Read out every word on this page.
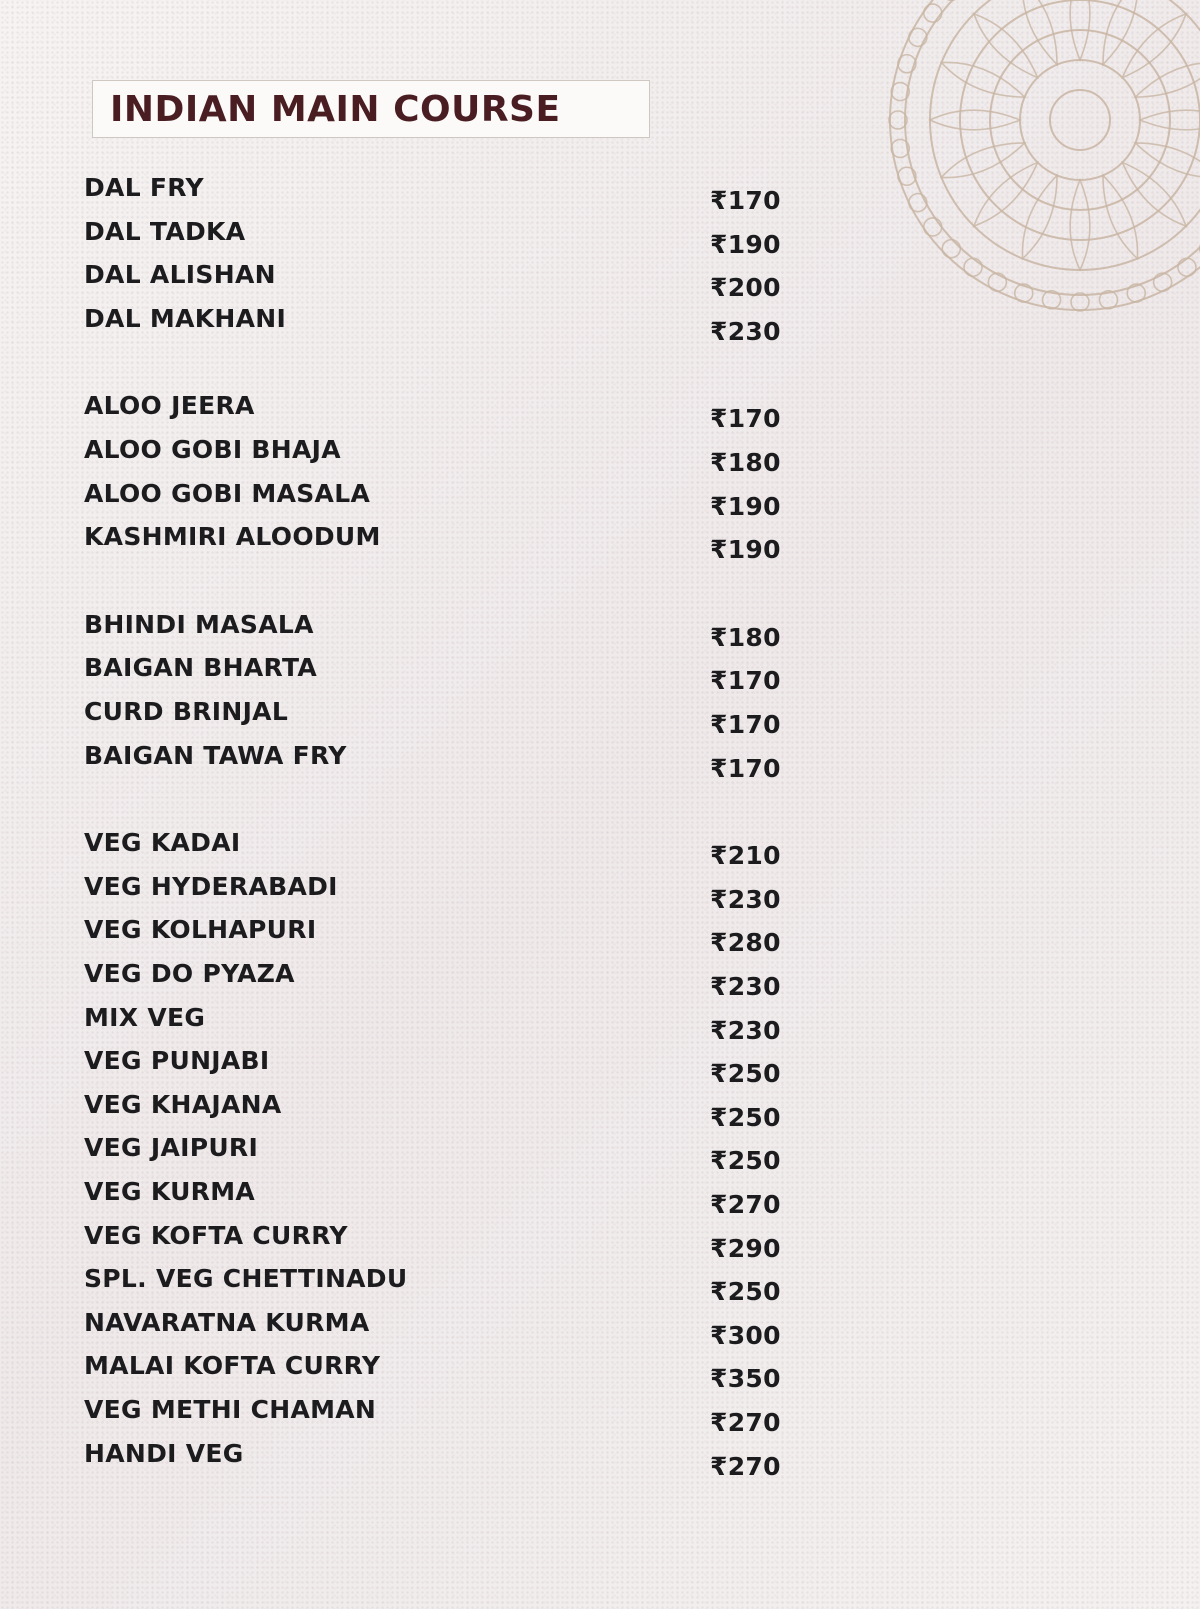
INDIAN MAIN COURSE
DAL FRY	₹170
DAL TADKA	₹190
DAL ALISHAN	₹200
DAL MAKHANI	₹230
ALOO JEERA	₹170
ALOO GOBI BHAJA	₹180
ALOO GOBI MASALA	₹190
KASHMIRI ALOODUM	₹190
BHINDI MASALA	₹180
BAIGAN BHARTA	₹170
CURD BRINJAL	₹170
BAIGAN TAWA FRY	₹170
VEG KADAI	₹210
VEG HYDERABADI	₹230
VEG KOLHAPURI	₹280
VEG DO PYAZA	₹230
MIX VEG	₹230
VEG PUNJABI	₹250
VEG KHAJANA	₹250
VEG JAIPURI	₹250
VEG KURMA	₹270
VEG KOFTA CURRY	₹290
SPL. VEG CHETTINADU	₹250
NAVARATNA KURMA	₹300
MALAI KOFTA CURRY	₹350
VEG METHI CHAMAN	₹270
HANDI VEG	₹270
